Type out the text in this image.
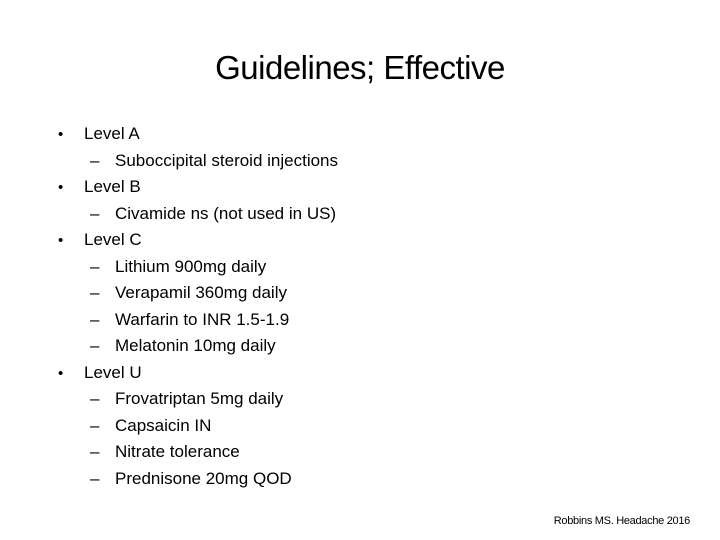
Guidelines; Effective
•	Level A
– Suboccipital steroid injections
•	Level B
– Civamide ns (not used in US)
•	Level C
– Lithium 900mg daily
– Verapamil 360mg daily
– Warfarin to INR 1.5-1.9
– Melatonin 10mg daily
•	Level U
– Frovatriptan 5mg daily
– Capsaicin IN
– Nitrate tolerance
– Prednisone 20mg QOD
Robbins MS. Headache 2016
